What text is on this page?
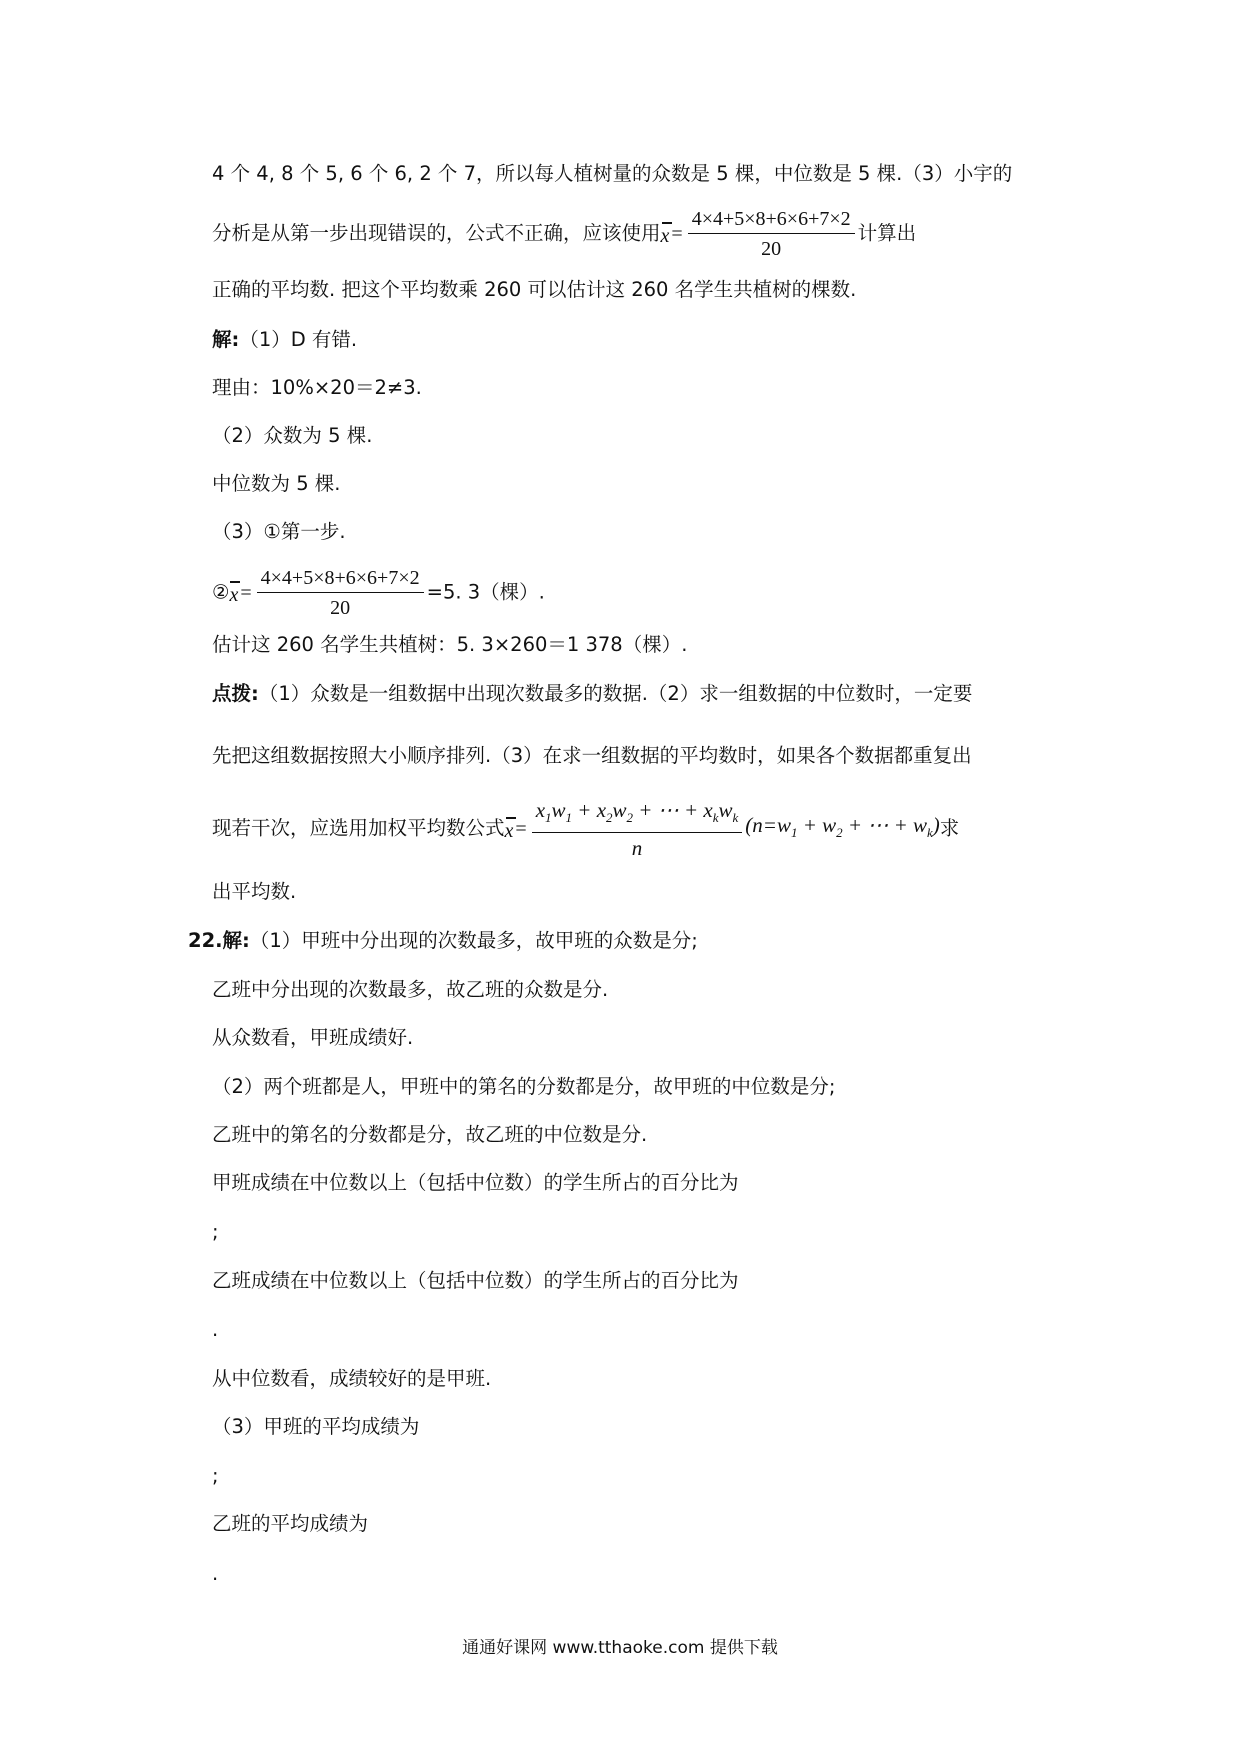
4 个 4, 8 个 5, 6 个 6, 2 个 7，所以每人植树量的众数是 5 棵，中位数是 5 棵.（3）小宇的
分析是从第一步出现错误的，公式不正确，应该使用$x = \frac{4\times 4+5\times 8+6\times 6+7\times 2}{20}$ 计算出
正确的平均数. 把这个平均数乘 260 可以估计这 260 名学生共植树的棵数.
解:（1）D 有错.
理由：10%×20＝2≠3.
（2）众数为 5 棵.
中位数为 5 棵.
（3）①第一步.
②x = $\frac{4\times 4+5\times 8+6\times 6+7\times 2}{20} =5$. 3（棵）.
估计这 260 名学生共植树：5. 3×260＝1 378（棵）.
点拨:（1）众数是一组数据中出现次数最多的数据.（2）求一组数据的中位数时，一定要
先把这组数据按照大小顺序排列.（3）在求一组数据的平均数时，如果各个数据都重复出
现若干次，应选用加权平均数公式$x = \frac{x_1w_1 + x_2w_2 + \cdots + x_kw_k}{n} (n=w_1 + w_2$ + ⋯ + $w_k$)求
出平均数.
22.解:（1）甲班中分出现的次数最多，故甲班的众数是分;
乙班中分出现的次数最多，故乙班的众数是分.
从众数看，甲班成绩好.
（2）两个班都是人，甲班中的第名的分数都是分，故甲班的中位数是分;
乙班中的第名的分数都是分，故乙班的中位数是分.
甲班成绩在中位数以上（包括中位数）的学生所占的百分比为
;
乙班成绩在中位数以上（包括中位数）的学生所占的百分比为
.
从中位数看，成绩较好的是甲班.
（3）甲班的平均成绩为
;
乙班的平均成绩为
.
通通好课网 www.tthaoke.com 提供下载
